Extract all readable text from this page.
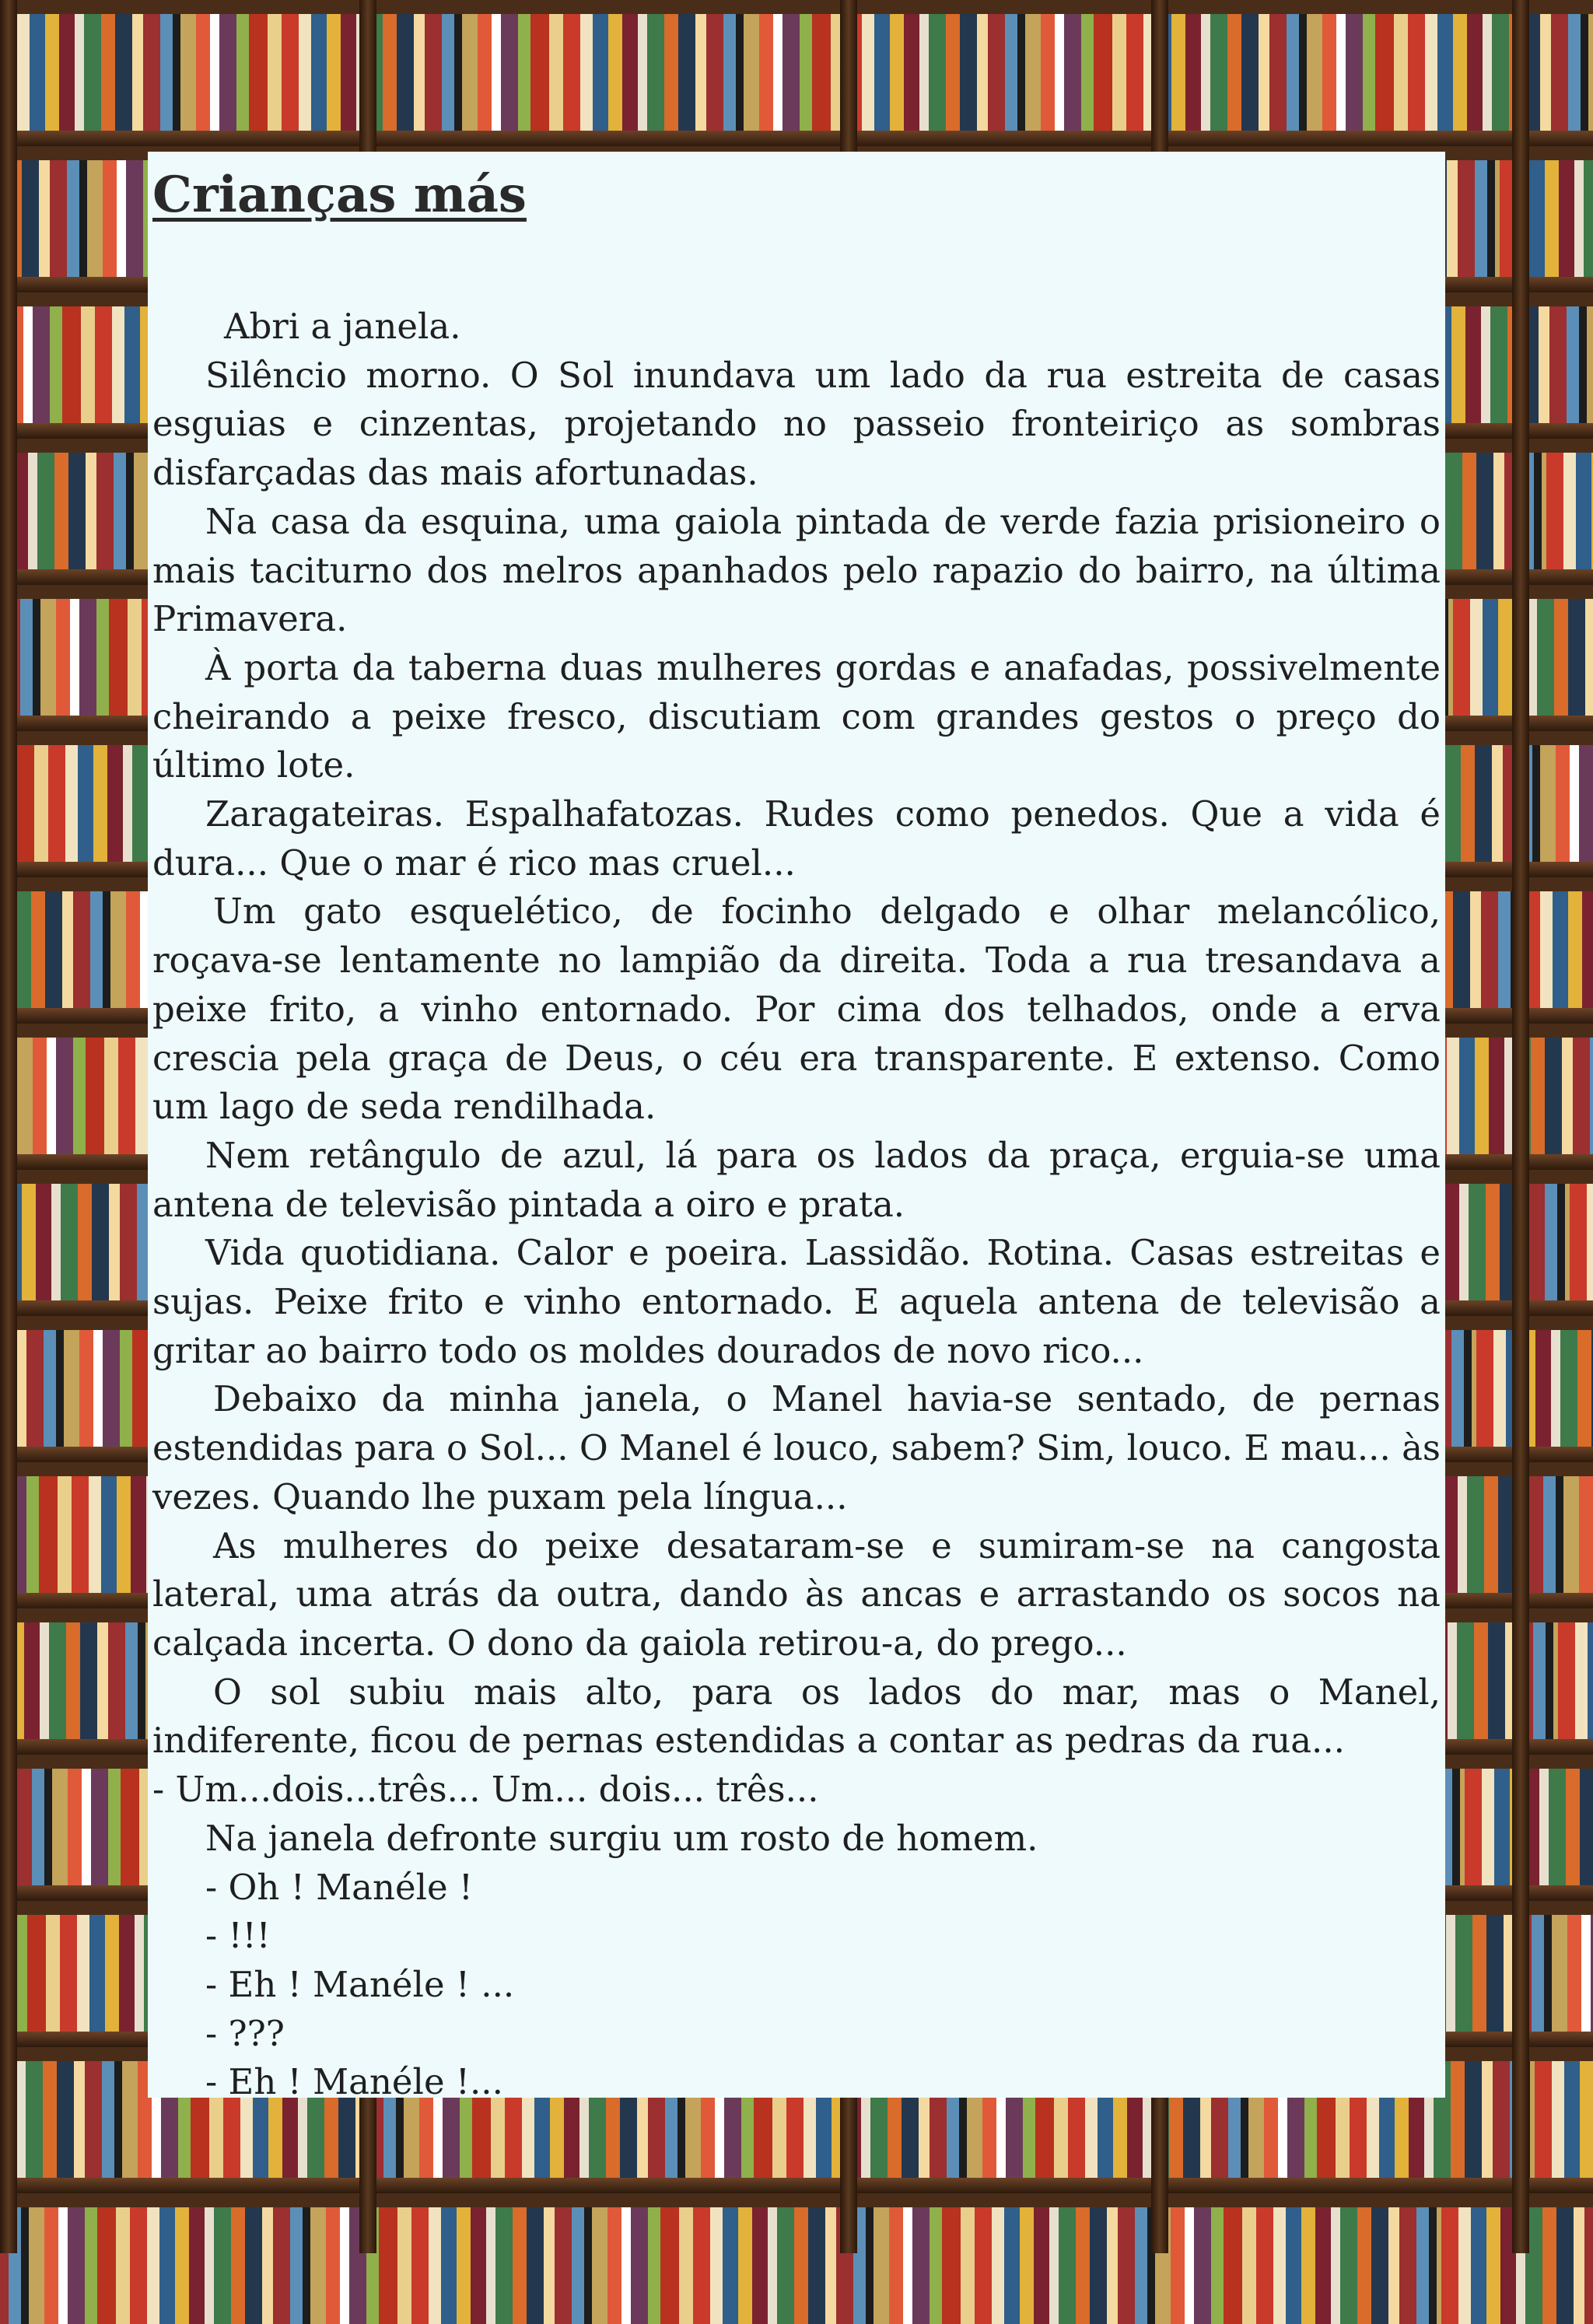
Crianças más

Abri a janela.

Silêncio morno. O Sol inundava um lado da rua estreita de casas esguias e cinzentas, projetando no passeio fronteiriço as sombras disfarçadas das mais afortunadas.

Na casa da esquina, uma gaiola pintada de verde fazia prisioneiro o mais taciturno dos melros apanhados pelo rapazio do bairro, na última Primavera.

À porta da taberna duas mulheres gordas e anafadas, possivelmente cheirando a peixe fresco, discutiam com grandes gestos o preço do último lote.

Zaragateiras. Espalhafatozas. Rudes como penedos. Que a vida é dura... Que o mar é rico mas cruel...

Um gato esquelético, de focinho delgado e olhar melancólico, roçava-se lentamente no lampião da direita. Toda a rua tresandava a peixe frito, a vinho entornado. Por cima dos telhados, onde a erva crescia pela graça de Deus, o céu era transparente. E extenso. Como um lago de seda rendilhada.

Nem retângulo de azul, lá para os lados da praça, erguia-se uma antena de televisão pintada a oiro e prata.

Vida quotidiana. Calor e poeira. Lassidão. Rotina. Casas estreitas e sujas. Peixe frito e vinho entornado. E aquela antena de televisão a gritar ao bairro todo os moldes dourados de novo rico...

Debaixo da minha janela, o Manel havia-se sentado, de pernas estendidas para o Sol... O Manel é louco, sabem? Sim, louco. E mau... às vezes. Quando lhe puxam pela língua...

As mulheres do peixe desataram-se e sumiram-se na cangosta lateral, uma atrás da outra, dando às ancas e arrastando os socos na calçada incerta. O dono da gaiola retirou-a, do prego...

O sol subiu mais alto, para os lados do mar, mas o Manel, indiferente, ficou de pernas estendidas a contar as pedras da rua...

- Um...dois...três... Um... dois... três...

Na janela defronte surgiu um rosto de homem.

- Oh ! Manéle !

- !!!

- Eh ! Manéle ! ...

- ???

- Eh ! Manéle !...
